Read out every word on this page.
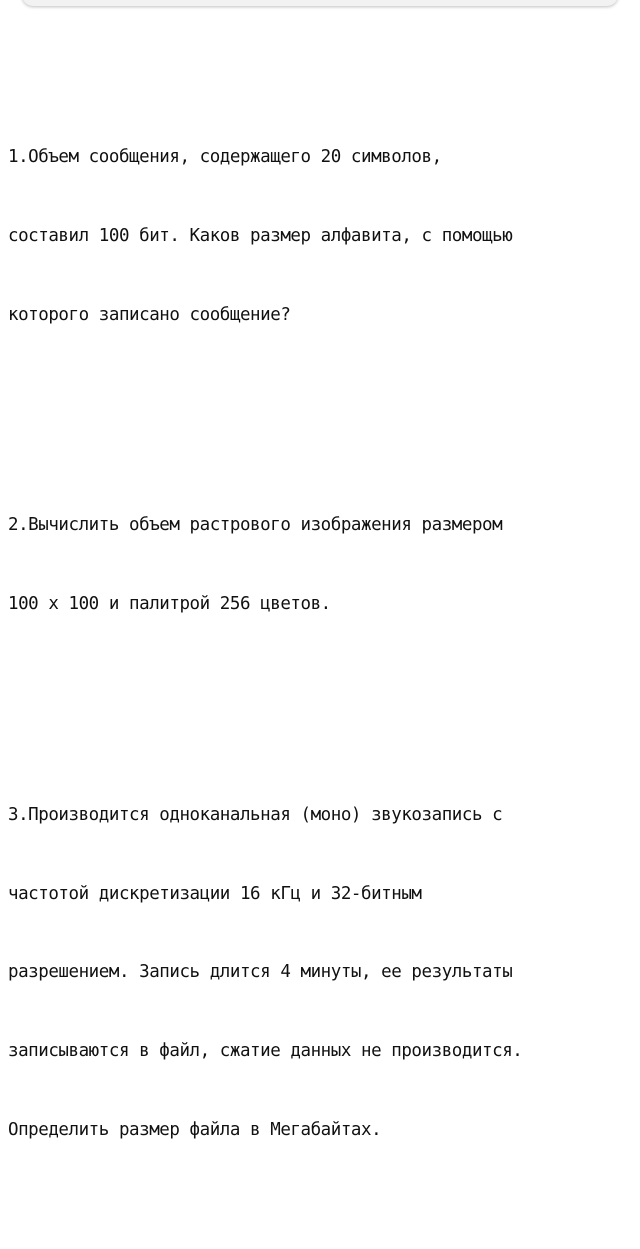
1.Объем сообщения, содержащего 20 символов,

составил 100 бит. Каков размер алфавита, с помощью

которого записано сообщение?

2.Вычислить объем растрового изображения размером

100 х 100 и палитрой 256 цветов.

3.Производится одноканальная (моно) звукозапись с

частотой дискретизации 16 кГц и 32-битным

разрешением. Запись длится 4 минуты, ее результаты

записываются в файл, сжатие данных не производится.

Определить размер файла в Мегабайтах.
